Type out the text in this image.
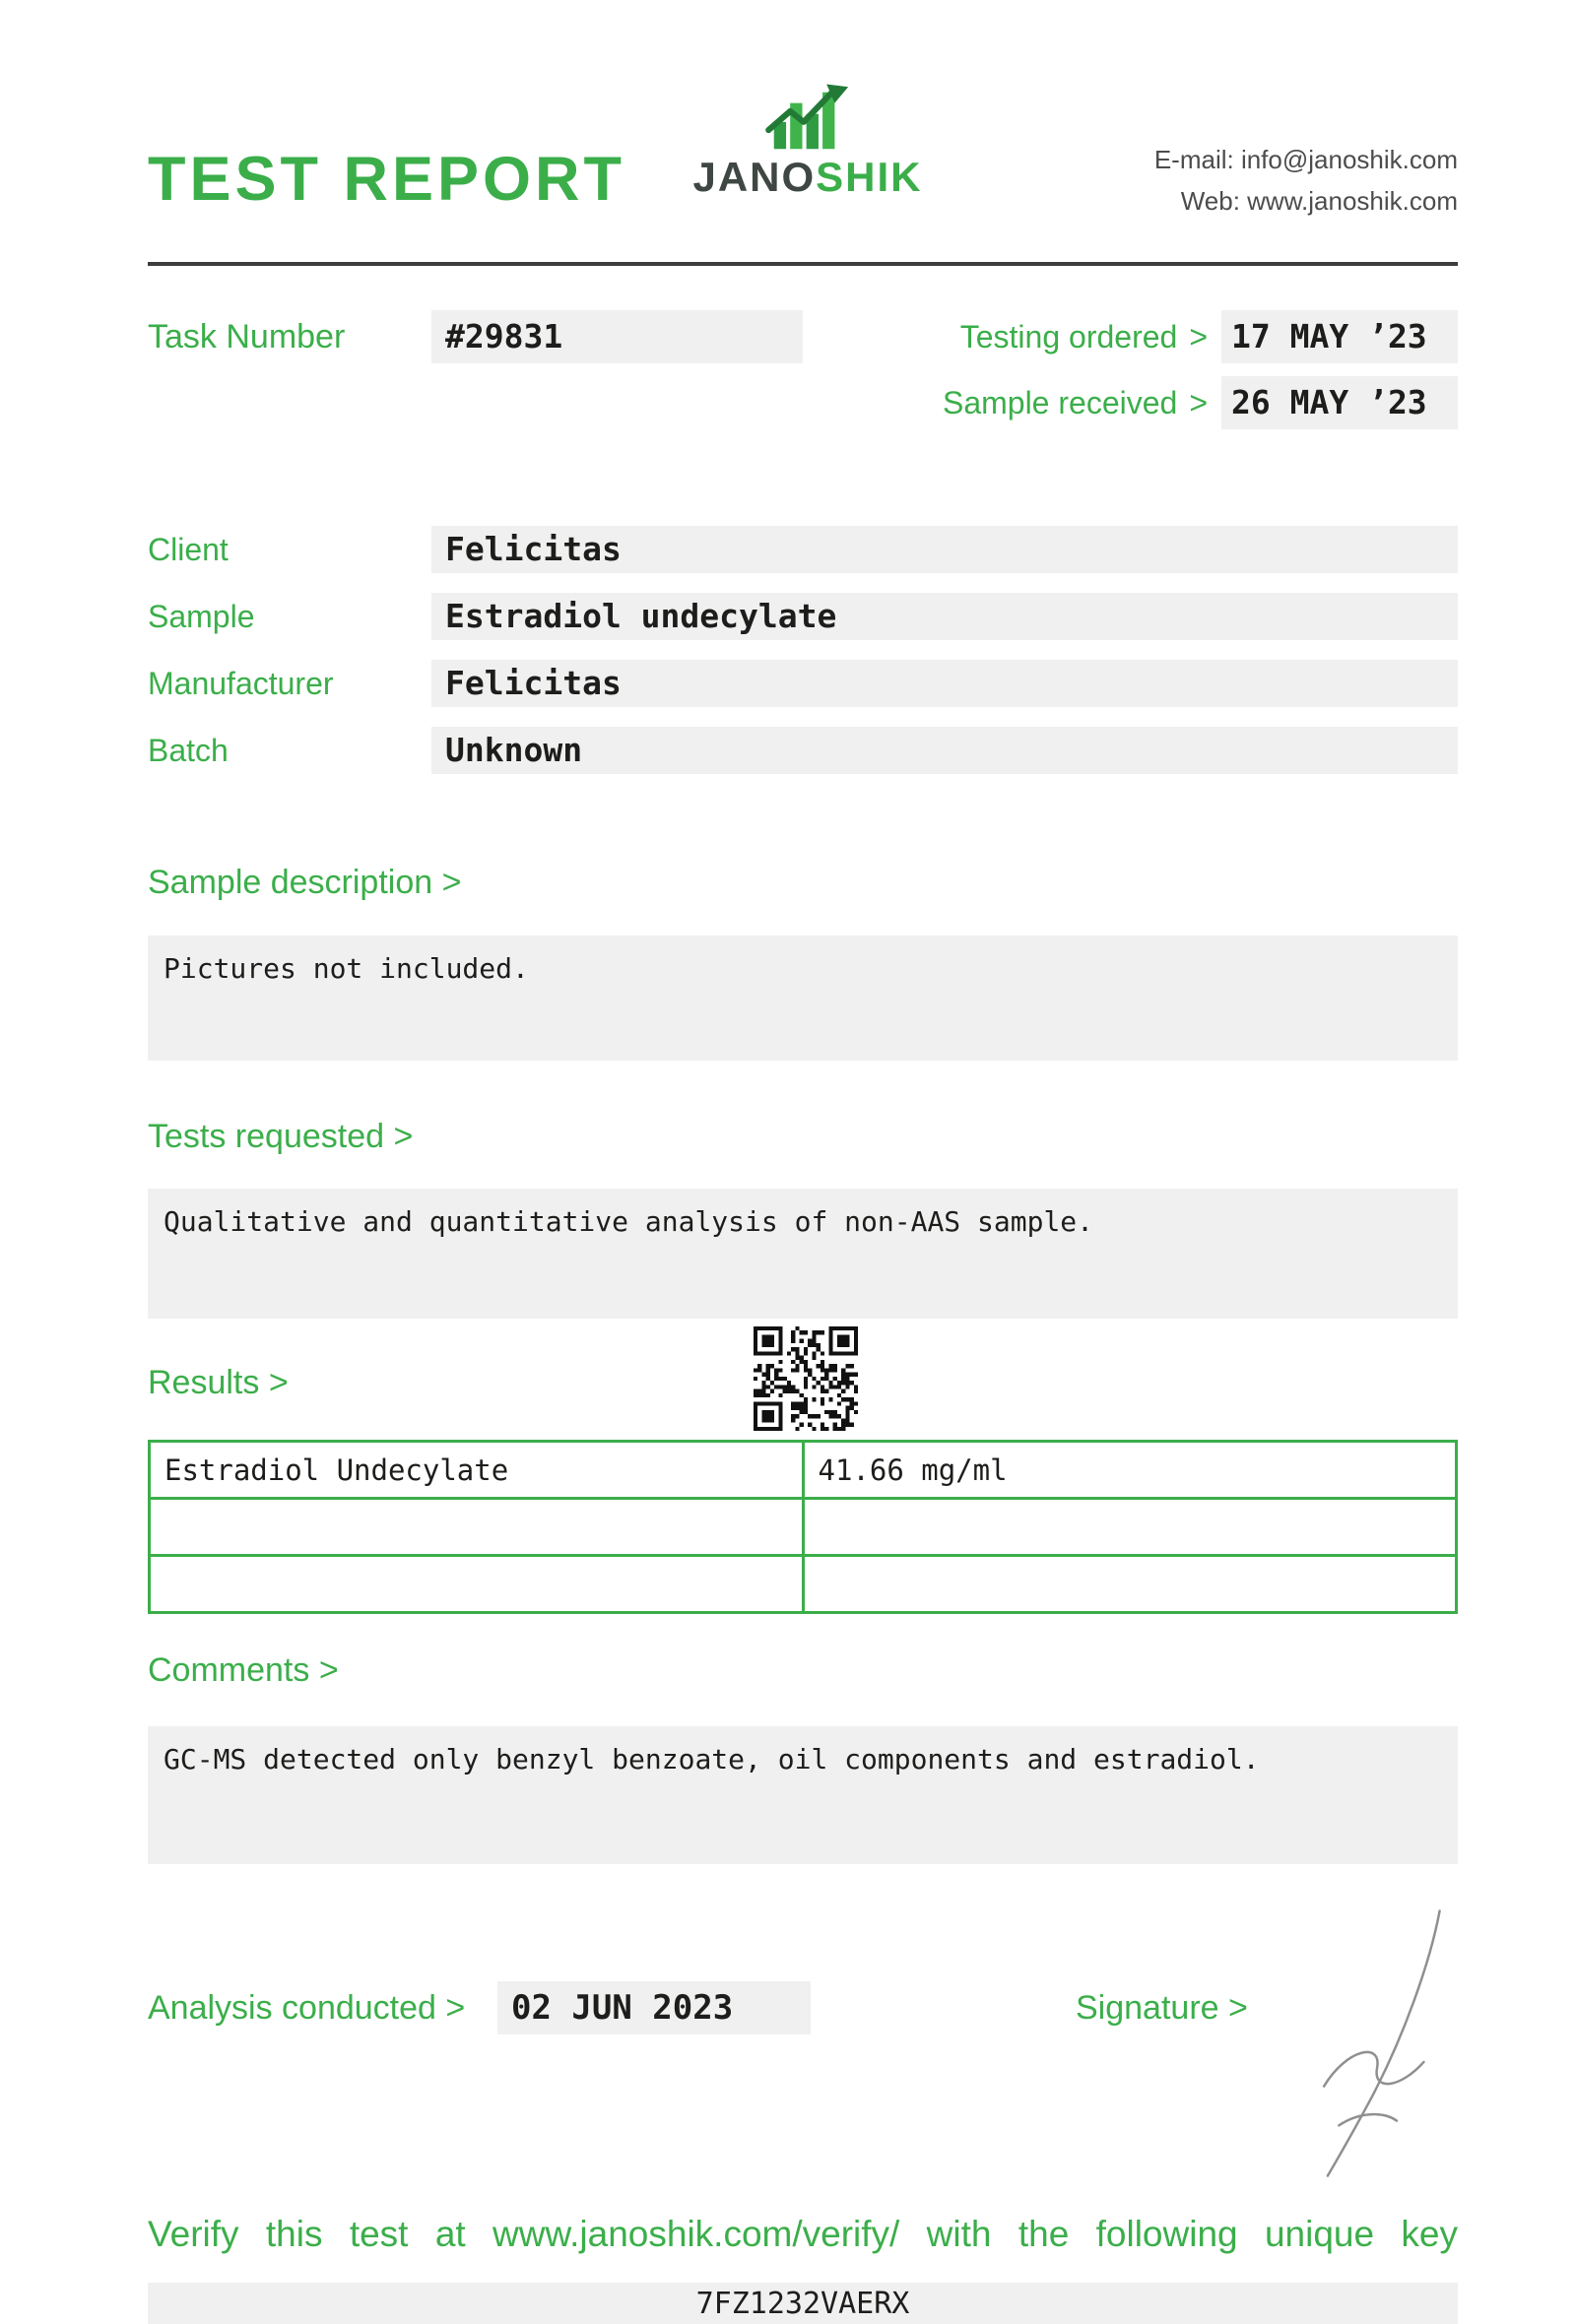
TEST REPORT JANOSHIK	E-mail: info@janoshik.com
Web: www.janoshik.com
Task Number	#29831	Testing ordered > 17 MAY ’23
Sample received > 26 MAY ’23
Client	Felicitas
Sample	Estradiol undecylate
Manufacturer	Felicitas
Batch	Unknown
Sample description >
Pictures not included.
Tests requested >
Qualitative and quantitative analysis of non-AAS sample.
Results >
Estradiol Undecylate	41.66 mg/ml

Comments >
GC-MS detected only benzyl benzoate, oil components and estradiol.
Analysis conducted >	02 JUN 2023	Signature >
Verify this test at www.janoshik.com/verify/ with the following unique key
7FZ1232VAERX
